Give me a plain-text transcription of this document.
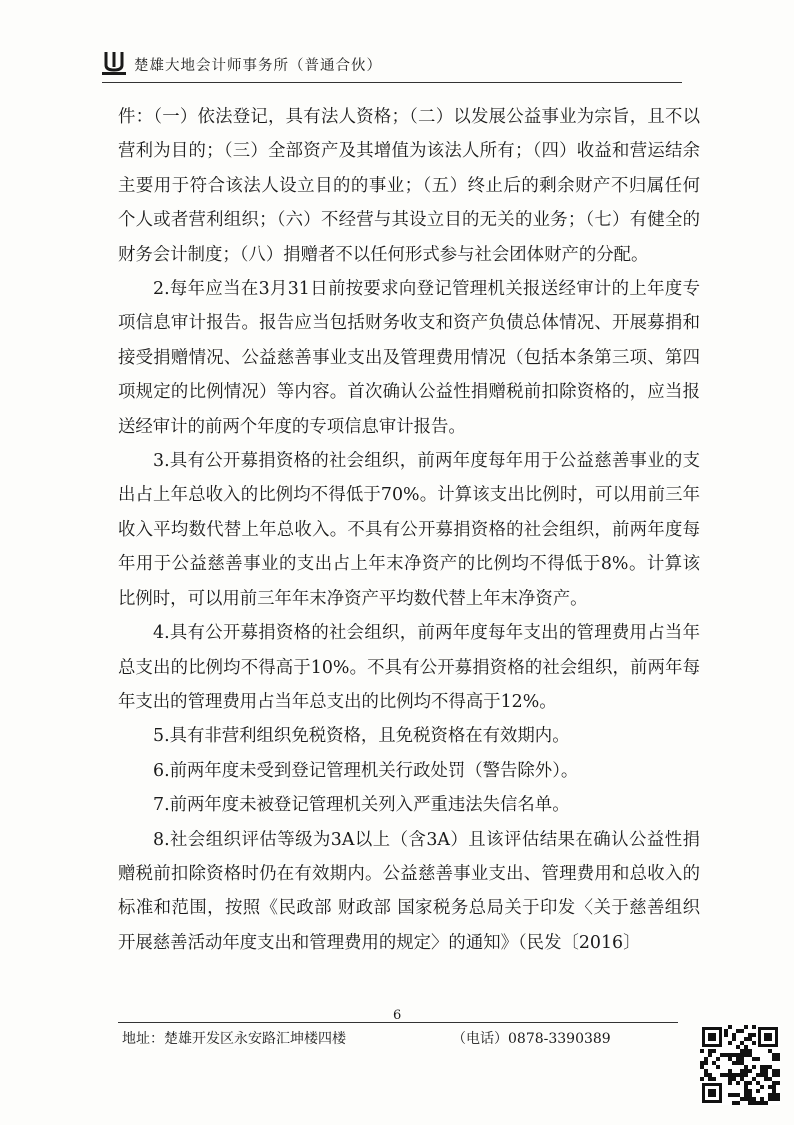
楚雄大地会计师事务所（普通合伙）

件：（一）依法登记，具有法人资格；（二）以发展公益事业为宗旨，且不以营利为目的；（三）全部资产及其增值为该法人所有；（四）收益和营运结余主要用于符合该法人设立目的的事业；（五）终止后的剩余财产不归属任何个人或者营利组织；（六）不经营与其设立目的无关的业务；（七）有健全的财务会计制度；（八）捐赠者不以任何形式参与社会团体财产的分配。

2.每年应当在3月31日前按要求向登记管理机关报送经审计的上年度专项信息审计报告。报告应当包括财务收支和资产负债总体情况、开展募捐和接受捐赠情况、公益慈善事业支出及管理费用情况（包括本条第三项、第四项规定的比例情况）等内容。首次确认公益性捐赠税前扣除资格的，应当报送经审计的前两个年度的专项信息审计报告。

3.具有公开募捐资格的社会组织，前两年度每年用于公益慈善事业的支出占上年总收入的比例均不得低于70%。计算该支出比例时，可以用前三年收入平均数代替上年总收入。不具有公开募捐资格的社会组织，前两年度每年用于公益慈善事业的支出占上年末净资产的比例均不得低于8%。计算该比例时，可以用前三年年末净资产平均数代替上年末净资产。

4.具有公开募捐资格的社会组织，前两年度每年支出的管理费用占当年总支出的比例均不得高于10%。不具有公开募捐资格的社会组织，前两年每年支出的管理费用占当年总支出的比例均不得高于12%。

5.具有非营利组织免税资格，且免税资格在有效期内。

6.前两年度未受到登记管理机关行政处罚（警告除外）。

7.前两年度未被登记管理机关列入严重违法失信名单。

8.社会组织评估等级为3A以上（含3A）且该评估结果在确认公益性捐赠税前扣除资格时仍在有效期内。公益慈善事业支出、管理费用和总收入的标准和范围，按照《民政部 财政部 国家税务总局关于印发〈关于慈善组织开展慈善活动年度支出和管理费用的规定〉的通知》（民发〔2016〕

6
地址：楚雄开发区永安路汇坤楼四楼	（电话）0878-3390389
